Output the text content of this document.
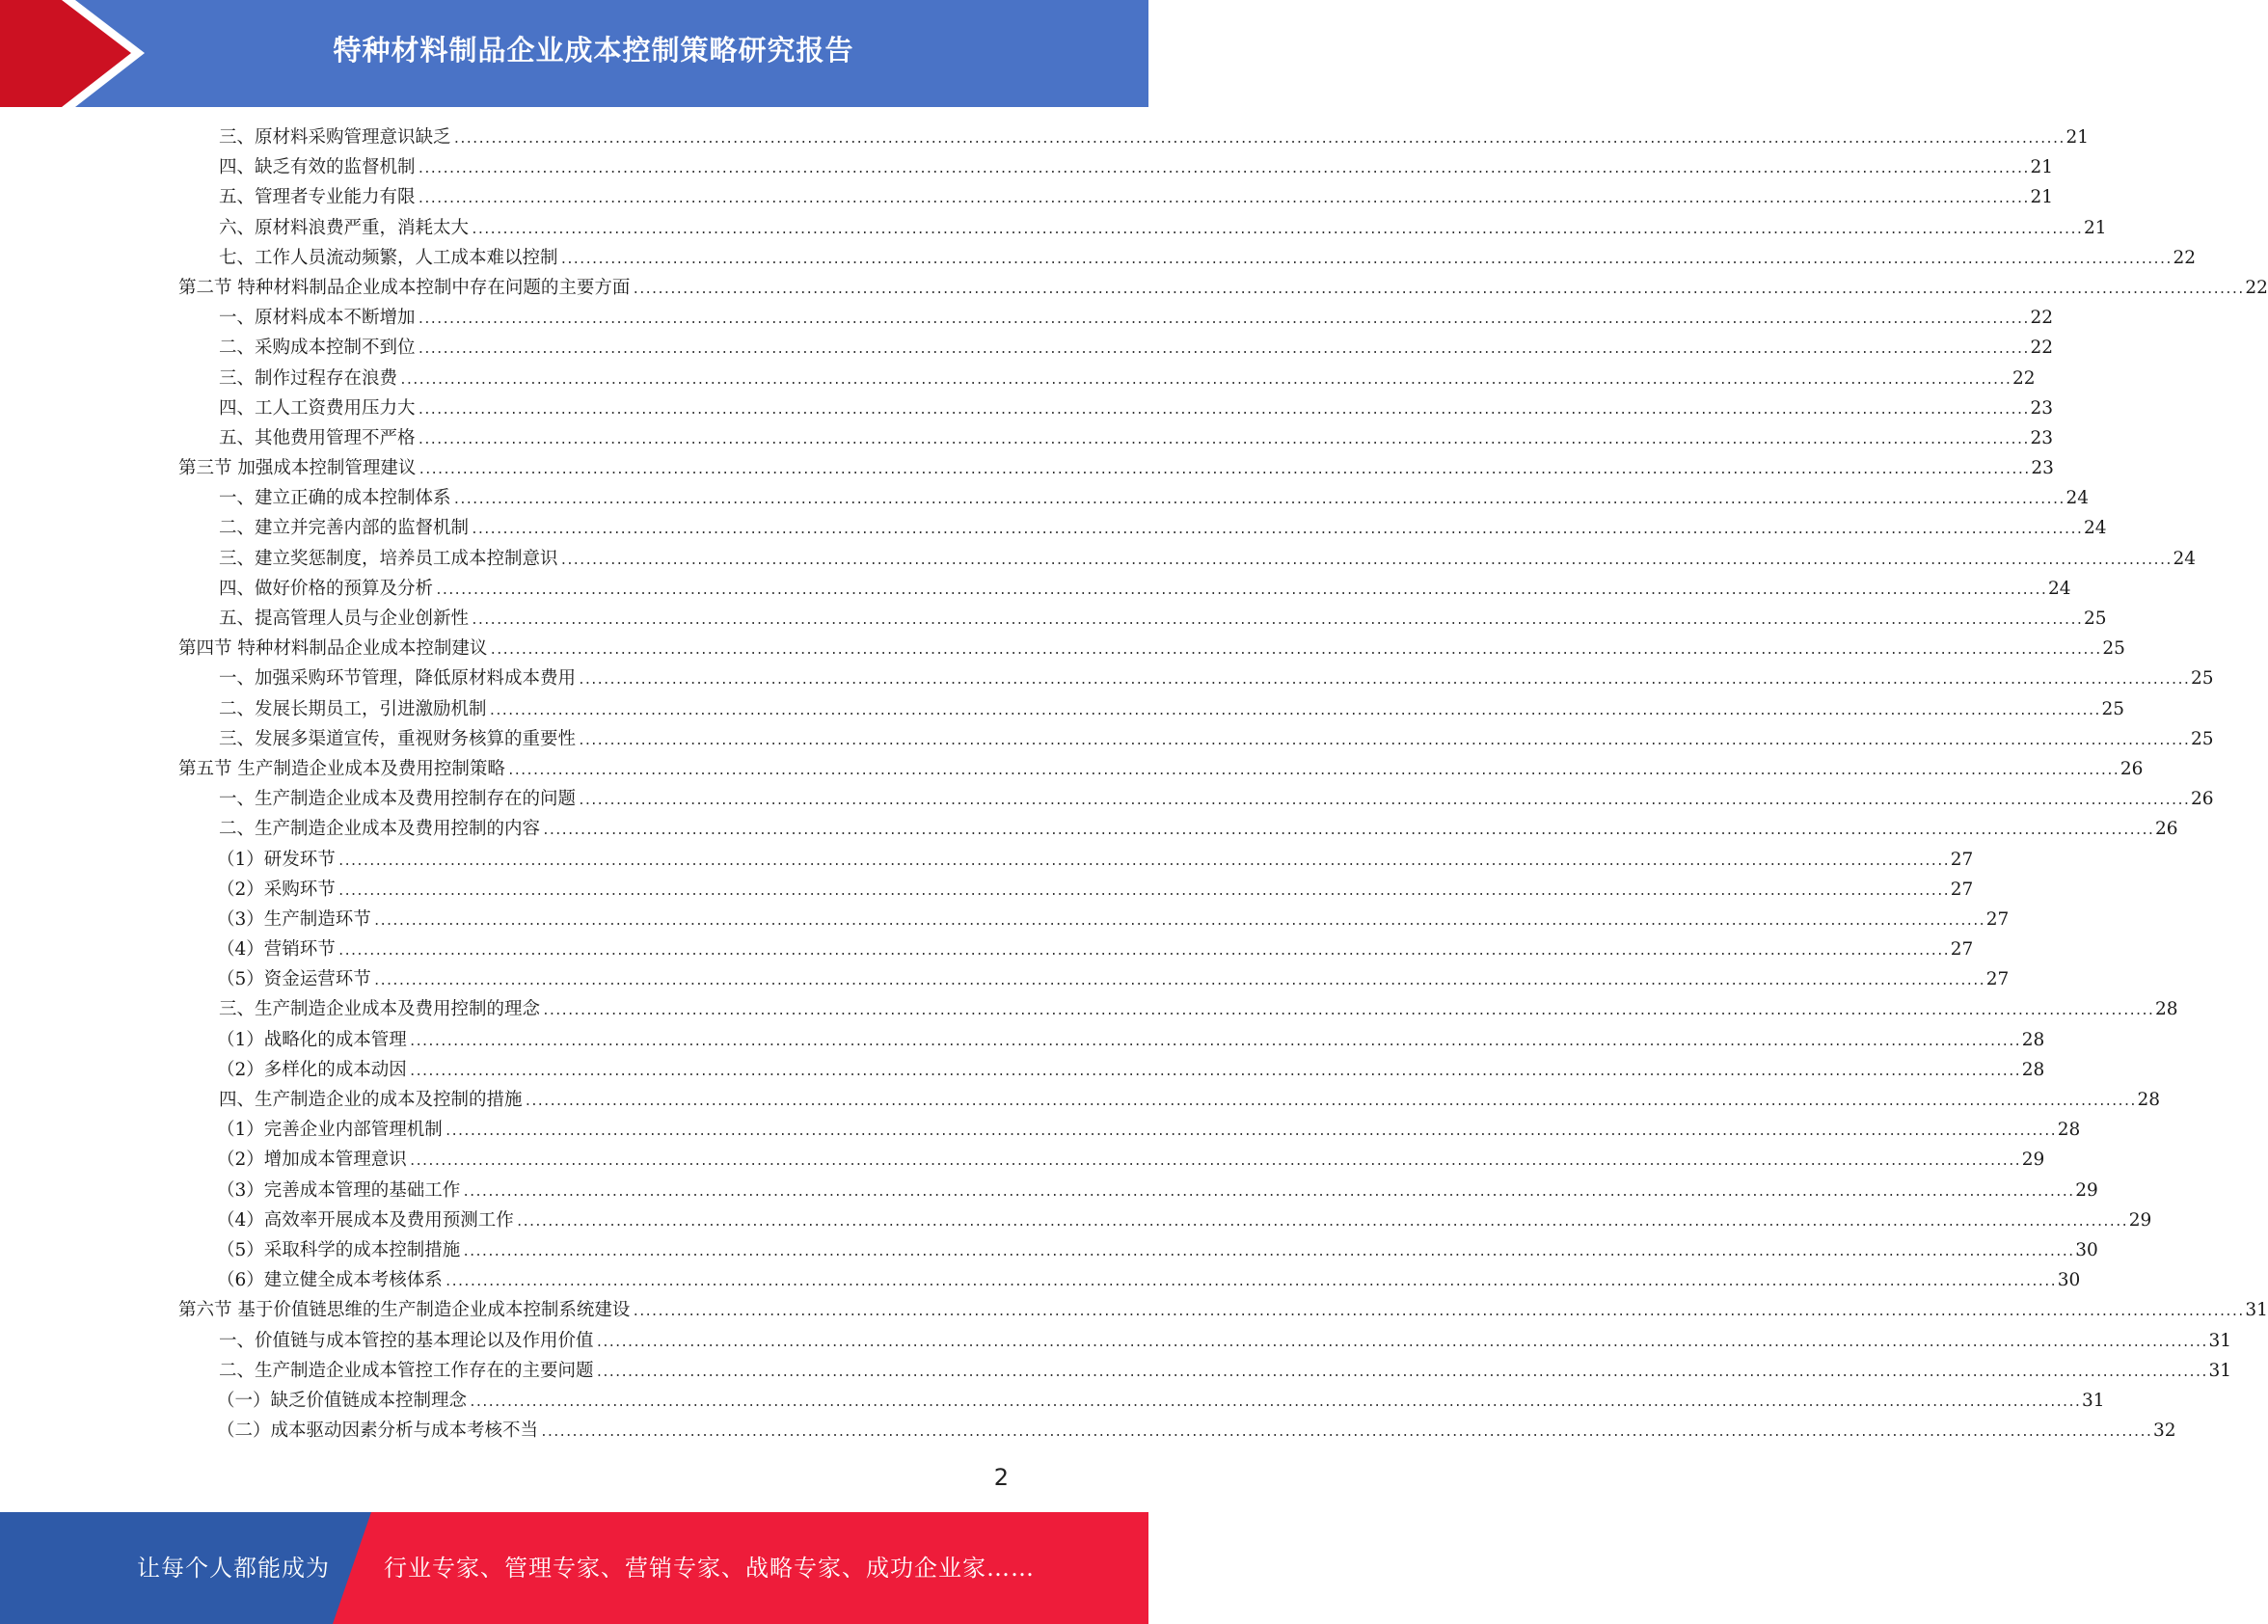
特种材料制品企业成本控制策略研究报告
三、原材料采购管理意识缺乏 .................................................................................................................................................................................................................................................................... 21
四、缺乏有效的监督机制 .................................................................................................................................................................................................................................................................... 21
五、管理者专业能力有限 .................................................................................................................................................................................................................................................................... 21
六、原材料浪费严重，消耗太大 .................................................................................................................................................................................................................................................................... 21
七、工作人员流动频繁，人工成本难以控制 .................................................................................................................................................................................................................................................................... 22
第二节 特种材料制品企业成本控制中存在问题的主要方面 .................................................................................................................................................................................................................................................................... 22
一、原材料成本不断增加 .................................................................................................................................................................................................................................................................... 22
二、采购成本控制不到位 .................................................................................................................................................................................................................................................................... 22
三、制作过程存在浪费 .................................................................................................................................................................................................................................................................... 22
四、工人工资费用压力大 .................................................................................................................................................................................................................................................................... 23
五、其他费用管理不严格 .................................................................................................................................................................................................................................................................... 23
第三节 加强成本控制管理建议 .................................................................................................................................................................................................................................................................... 23
一、建立正确的成本控制体系 .................................................................................................................................................................................................................................................................... 24
二、建立并完善内部的监督机制 .................................................................................................................................................................................................................................................................... 24
三、建立奖惩制度，培养员工成本控制意识 .................................................................................................................................................................................................................................................................... 24
四、做好价格的预算及分析 .................................................................................................................................................................................................................................................................... 24
五、提高管理人员与企业创新性 .................................................................................................................................................................................................................................................................... 25
第四节 特种材料制品企业成本控制建议 .................................................................................................................................................................................................................................................................... 25
一、加强采购环节管理，降低原材料成本费用 .................................................................................................................................................................................................................................................................... 25
二、发展长期员工，引进激励机制 .................................................................................................................................................................................................................................................................... 25
三、发展多渠道宣传，重视财务核算的重要性 .................................................................................................................................................................................................................................................................... 25
第五节 生产制造企业成本及费用控制策略 .................................................................................................................................................................................................................................................................... 26
一、生产制造企业成本及费用控制存在的问题 .................................................................................................................................................................................................................................................................... 26
二、生产制造企业成本及费用控制的内容 .................................................................................................................................................................................................................................................................... 26
（1）研发环节 .................................................................................................................................................................................................................................................................... 27
（2）采购环节 .................................................................................................................................................................................................................................................................... 27
（3）生产制造环节 .................................................................................................................................................................................................................................................................... 27
（4）营销环节 .................................................................................................................................................................................................................................................................... 27
（5）资金运营环节 .................................................................................................................................................................................................................................................................... 27
三、生产制造企业成本及费用控制的理念 .................................................................................................................................................................................................................................................................... 28
（1）战略化的成本管理 .................................................................................................................................................................................................................................................................... 28
（2）多样化的成本动因 .................................................................................................................................................................................................................................................................... 28
四、生产制造企业的成本及控制的措施 .................................................................................................................................................................................................................................................................... 28
（1）完善企业内部管理机制 .................................................................................................................................................................................................................................................................... 28
（2）增加成本管理意识 .................................................................................................................................................................................................................................................................... 29
（3）完善成本管理的基础工作 .................................................................................................................................................................................................................................................................... 29
（4）高效率开展成本及费用预测工作 .................................................................................................................................................................................................................................................................... 29
（5）采取科学的成本控制措施 .................................................................................................................................................................................................................................................................... 30
（6）建立健全成本考核体系 .................................................................................................................................................................................................................................................................... 30
第六节 基于价值链思维的生产制造企业成本控制系统建设 .................................................................................................................................................................................................................................................................... 31
一、价值链与成本管控的基本理论以及作用价值 .................................................................................................................................................................................................................................................................... 31
二、生产制造企业成本管控工作存在的主要问题 .................................................................................................................................................................................................................................................................... 31
（一）缺乏价值链成本控制理念 .................................................................................................................................................................................................................................................................... 31
（二）成本驱动因素分析与成本考核不当 .................................................................................................................................................................................................................................................................... 32
2
让每个人都能成为 行业专家、管理专家、营销专家、战略专家、成功企业家……
